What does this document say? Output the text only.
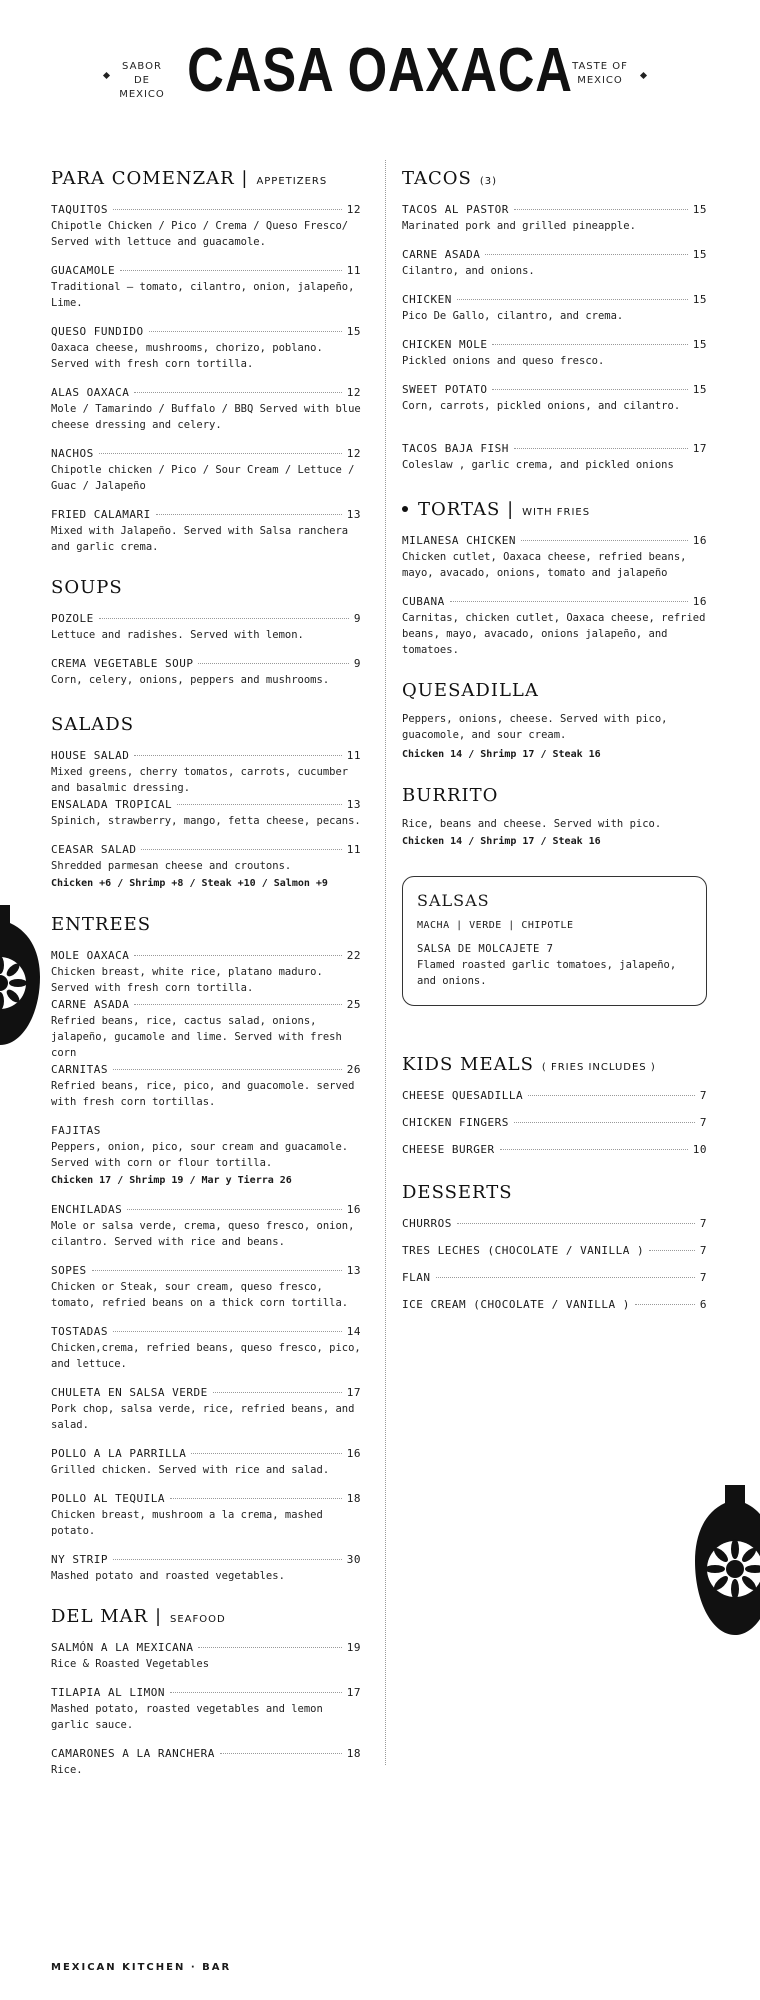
SABOR DE MEXICO CASA OAXACA TASTE OF MEXICO
PARA COMENZAR | APPETIZERS
TAQUITOS	12
Chipotle Chicken / Pico / Crema / Queso Fresco/ Served with lettuce and guacamole.
GUACAMOLE	11
Traditional – tomato, cilantro, onion, jalapeño, Lime.
QUESO FUNDIDO	15
Oaxaca cheese, mushrooms, chorizo, poblano. Served with fresh corn tortilla.
ALAS OAXACA	12
Mole / Tamarindo / Buffalo / BBQ Served with blue cheese dressing and celery.
NACHOS	12
Chipotle chicken / Pico / Sour Cream / Lettuce / Guac / Jalapeño
FRIED CALAMARI	13
Mixed with Jalapeño. Served with Salsa ranchera and garlic crema.
SOUPS
POZOLE	9
Lettuce and radishes. Served with lemon.
CREMA VEGETABLE SOUP	9
Corn, celery, onions, peppers and mushrooms.
SALADS
HOUSE SALAD	11
Mixed greens, cherry tomatos, carrots, cucumber and basalmic dressing.
ENSALADA TROPICAL	13
Spinich, strawberry, mango, fetta cheese, pecans.
CEASAR SALAD	11
Shredded parmesan cheese and croutons.
Chicken +6 / Shrimp +8 / Steak +10 / Salmon +9
ENTREES
MOLE OAXACA	22
Chicken breast, white rice, platano maduro. Served with fresh corn tortilla.
CARNE ASADA	25
Refried beans, rice, cactus salad, onions, jalapeño, gucamole and lime. Served with fresh corn
CARNITAS	26
Refried beans, rice, pico, and guacomole. served with fresh corn tortillas.
FAJITAS
Peppers, onion, pico, sour cream and guacamole. Served with corn or flour tortilla.
Chicken 17 / Shrimp 19 / Mar y Tierra 26
ENCHILADAS	16
Mole or salsa verde, crema, queso fresco, onion, cilantro. Served with rice and beans.
SOPES	13
Chicken or Steak, sour cream, queso fresco, tomato, refried beans on a thick corn tortilla.
TOSTADAS	14
Chicken,crema, refried beans, queso fresco, pico, and lettuce.
CHULETA EN SALSA VERDE	17
Pork chop, salsa verde, rice, refried beans, and salad.
POLLO A LA PARRILLA	16
Grilled chicken. Served with rice and salad.
POLLO AL TEQUILA	18
Chicken breast, mushroom a la crema, mashed potato.
NY STRIP	30
Mashed potato and roasted vegetables.
DEL MAR | SEAFOOD
SALMÓN A LA MEXICANA	19
Rice & Roasted Vegetables
TILAPIA AL LIMON	17
Mashed potato, roasted vegetables and lemon garlic sauce.
CAMARONES A LA RANCHERA	18
Rice.
TACOS (3)
TACOS AL PASTOR	15
Marinated pork and grilled pineapple.
CARNE ASADA	15
Cilantro, and onions.
CHICKEN	15
Pico De Gallo, cilantro, and crema.
CHICKEN MOLE	15
Pickled onions and queso fresco.
SWEET POTATO	15
Corn, carrots, pickled onions, and cilantro.
TACOS BAJA FISH	17
Coleslaw , garlic crema, and pickled onions
TORTAS | WITH FRIES
MILANESA CHICKEN	16
Chicken cutlet, Oaxaca cheese, refried beans, mayo, avacado, onions, tomato and jalapeño
CUBANA	16
Carnitas, chicken cutlet, Oaxaca cheese, refried beans, mayo, avacado, onions jalapeño, and tomatoes.
QUESADILLA
Peppers, onions, cheese. Served with pico, guacomole, and sour cream.
Chicken 14 / Shrimp 17 / Steak 16
BURRITO
Rice, beans and cheese. Served with pico.
Chicken 14 / Shrimp 17 / Steak 16
SALSAS
MACHA | VERDE | CHIPOTLE
SALSA DE MOLCAJETE 7
Flamed roasted garlic tomatoes, jalapeño, and onions.
KIDS MEALS ( FRIES INCLUDES )
CHEESE QUESADILLA	7
CHICKEN FINGERS	7
CHEESE BURGER	10
DESSERTS
CHURROS	7
TRES LECHES (CHOCOLATE / VANILLA )	7
FLAN	7
ICE CREAM (CHOCOLATE / VANILLA )	6
MEXICAN KITCHEN · BAR
